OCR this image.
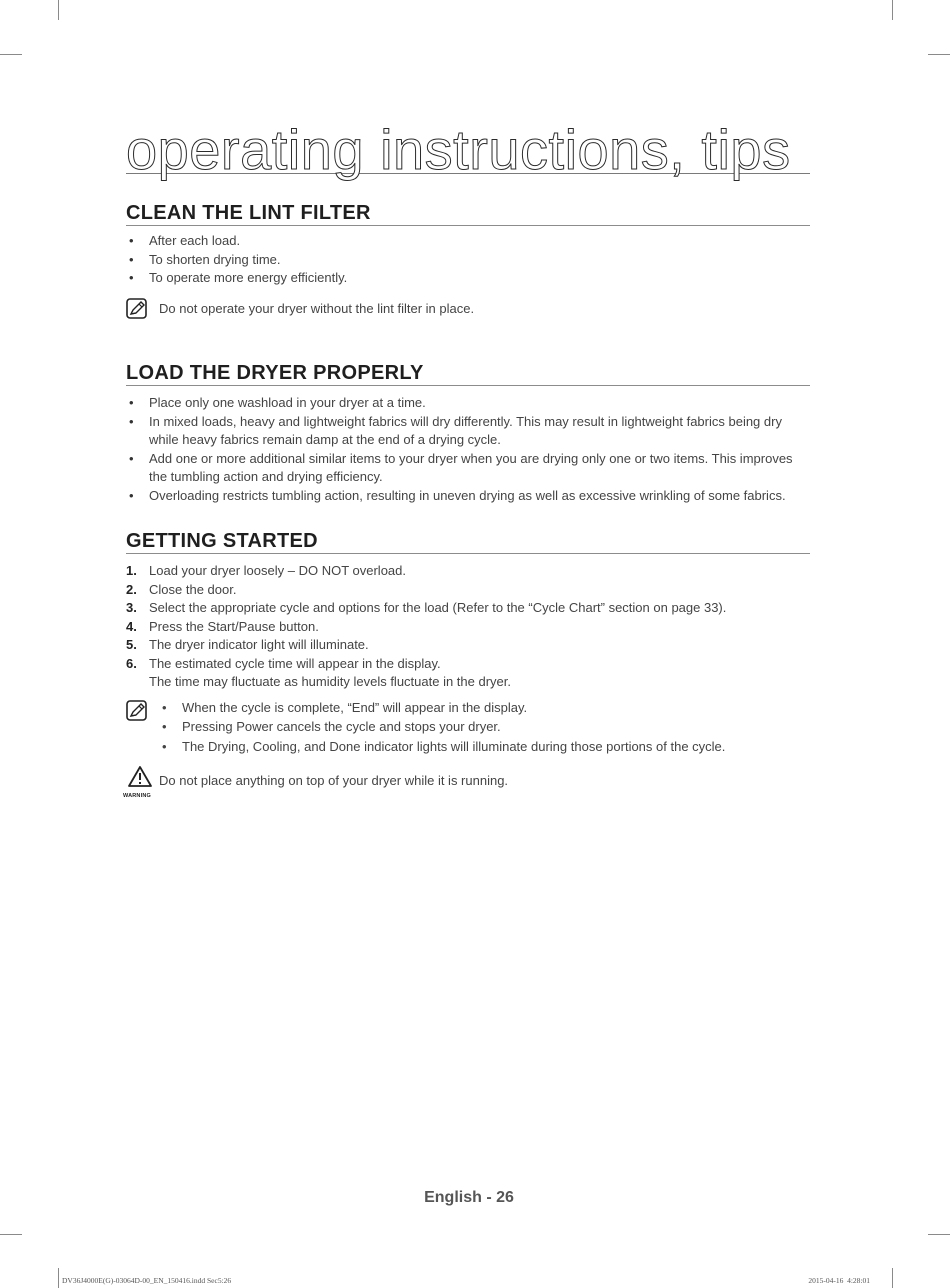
operating instructions, tips
CLEAN THE LINT FILTER
• After each load.
• To shorten drying time.
• To operate more energy efficiently.
Do not operate your dryer without the lint filter in place.
LOAD THE DRYER PROPERLY
• Place only one washload in your dryer at a time.
• In mixed loads, heavy and lightweight fabrics will dry differently. This may result in lightweight fabrics being dry while heavy fabrics remain damp at the end of a drying cycle.
• Add one or more additional similar items to your dryer when you are drying only one or two items. This improves the tumbling action and drying efficiency.
• Overloading restricts tumbling action, resulting in uneven drying as well as excessive wrinkling of some fabrics.
GETTING STARTED
1. Load your dryer loosely – DO NOT overload.
2. Close the door.
3. Select the appropriate cycle and options for the load (Refer to the “Cycle Chart” section on page 33).
4. Press the Start/Pause button.
5. The dryer indicator light will illuminate.
6. The estimated cycle time will appear in the display.
The time may fluctuate as humidity levels fluctuate in the dryer.
• When the cycle is complete, “End” will appear in the display.
• Pressing Power cancels the cycle and stops your dryer.
• The Drying, Cooling, and Done indicator lights will illuminate during those portions of the cycle.
WARNING
Do not place anything on top of your dryer while it is running.
English - 26
DV36J4000E(G)-03064D-00_EN_150416.indd Sec5:26	2015-04-16  4:28:01
